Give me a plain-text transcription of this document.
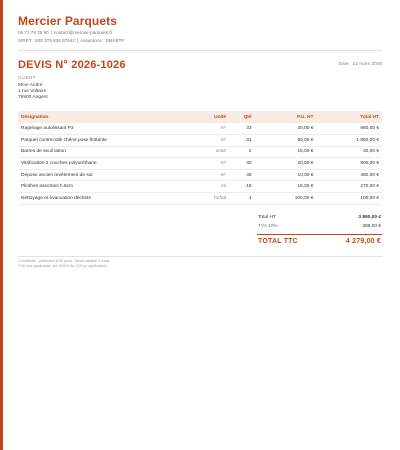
Mercier Parquets
05 71 79 38 90 | contact@mercier-parquets.fr
SIRET : 530 376 836 57642 | Assurance : SMABTP
DEVIS N° 2026-1026	Date : 22 mars 2026
CLIENT
Mme André
1 rue Voltaire
79900 Angers
Désignation	Unité	Qté	P.U. HT	Total HT
Ragréage autolissant P3	m²	33	20,00 €	660,00 €
Parquet contrecollé chêne pose flottante	m²	31	60,00 €	1 860,00 €
Barres de seuil laiton	unité	2	15,00 €	30,00 €
Vitrification 2 couches polyuréthane	m²	40	20,00 €	800,00 €
Dépose ancien revêtement de sol	m²	48	10,00 €	480,00 €
Plinthes assorties h.8cm	ml	18	15,00 €	270,00 €
Nettoyage et évacuation déchets	forfait	1	100,00 €	100,00 €
Total HT	3 890,00 €
TVA 10%	389,00 €
TOTAL TTC	4 279,00 €
Conditions : paiement à 30 jours. Devis valable 3 mois.
TVA non applicable, art. 293 B du CGI (si applicable).
